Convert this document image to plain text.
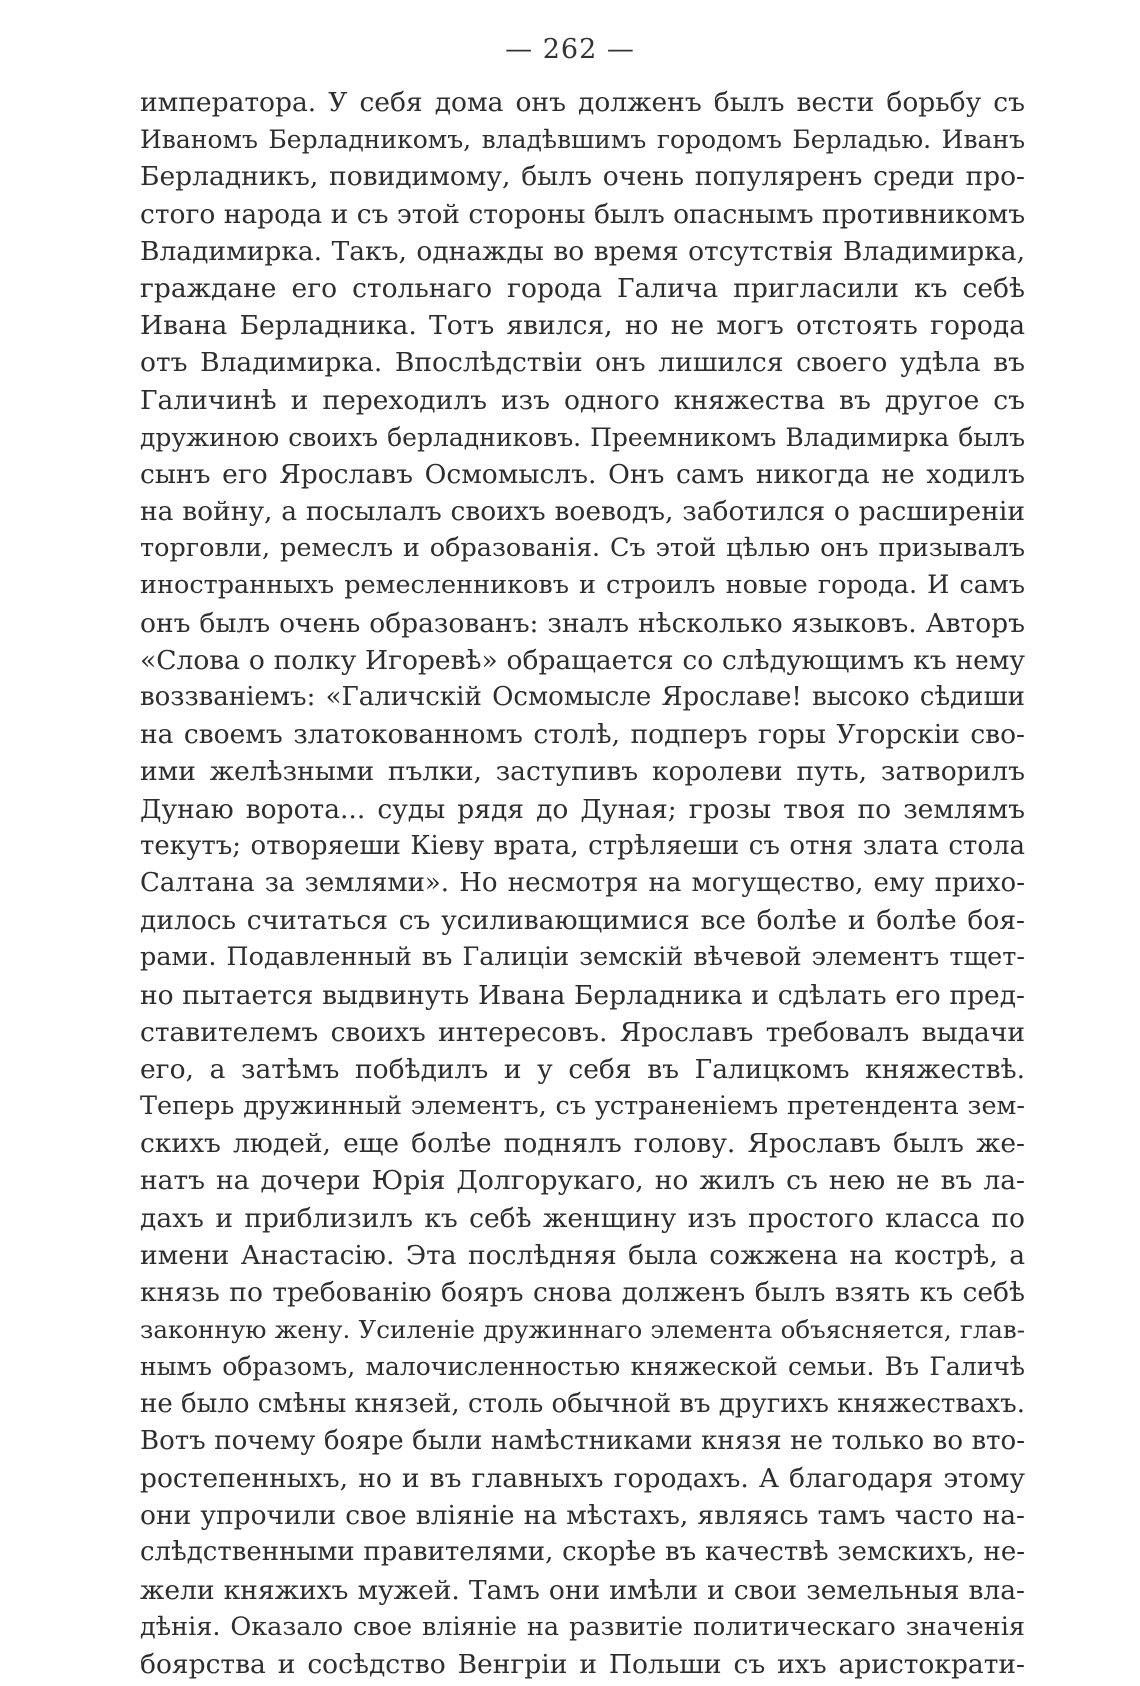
— 262 —
императора. У себя дома онъ долженъ былъ вести борьбу съ
Иваномъ Берладникомъ, владѣвшимъ городомъ Берладью. Иванъ
Берладникъ, повидимому, былъ очень популяренъ среди про-
стого народа и съ этой стороны былъ опаснымъ противникомъ
Владимирка. Такъ, однажды во время отсутствія Владимирка,
граждане его стольнаго города Галича пригласили къ себѣ
Ивана Берладника. Тотъ явился, но не могъ отстоять города
отъ Владимирка. Впослѣдствіи онъ лишился своего удѣла въ
Галичинѣ и переходилъ изъ одного княжества въ другое съ
дружиною своихъ берладниковъ. Преемникомъ Владимирка былъ
сынъ его Ярославъ Осмомыслъ. Онъ самъ никогда не ходилъ
на войну, а посылалъ своихъ воеводъ, заботился о расширеніи
торговли, ремеслъ и образованія. Съ этой цѣлью онъ призывалъ
иностранныхъ ремесленниковъ и строилъ новые города. И самъ
онъ былъ очень образованъ: зналъ нѣсколько языковъ. Авторъ
«Слова о полку Игоревѣ» обращается со слѣдующимъ къ нему
воззваніемъ: «Галичскій Осмомысле Ярославе! высоко сѣдиши
на своемъ златокованномъ столѣ, подперъ горы Угорскіи сво-
ими желѣзными пълки, заступивъ королеви путь, затворилъ
Дунаю ворота... суды рядя до Дуная; грозы твоя по землямъ
текутъ; отворяеши Кіеву врата, стрѣляеши съ отня злата стола
Салтана за землями». Но несмотря на могущество, ему прихо-
дилось считаться съ усиливающимися все болѣе и болѣе боя-
рами. Подавленный въ Галиціи земскій вѣчевой элементъ тщет-
но пытается выдвинуть Ивана Берладника и сдѣлать его пред-
ставителемъ своихъ интересовъ. Ярославъ требовалъ выдачи
его, а затѣмъ побѣдилъ и у себя въ Галицкомъ княжествѣ.
Теперь дружинный элементъ, съ устраненіемъ претендента зем-
скихъ людей, еще болѣе поднялъ голову. Ярославъ былъ же-
натъ на дочери Юрія Долгорукаго, но жилъ съ нею не въ ла-
дахъ и приблизилъ къ себѣ женщину изъ простого класса по
имени Анастасію. Эта послѣдняя была сожжена на кострѣ, а
князь по требованію бояръ снова долженъ былъ взять къ себѣ
законную жену. Усиленіе дружиннаго элемента объясняется, глав-
нымъ образомъ, малочисленностью княжеской семьи. Въ Галичѣ
не было смѣны князей, столь обычной въ другихъ княжествахъ.
Вотъ почему бояре были намѣстниками князя не только во вто-
ростепенныхъ, но и въ главныхъ городахъ. А благодаря этому
они упрочили свое вліяніе на мѣстахъ, являясь тамъ часто на-
слѣдственными правителями, скорѣе въ качествѣ земскихъ, не-
жели княжихъ мужей. Тамъ они имѣли и свои земельныя вла-
дѣнія. Оказало свое вліяніе на развитіе политическаго значенія
боярства и сосѣдство Венгріи и Польши съ ихъ аристократи-
